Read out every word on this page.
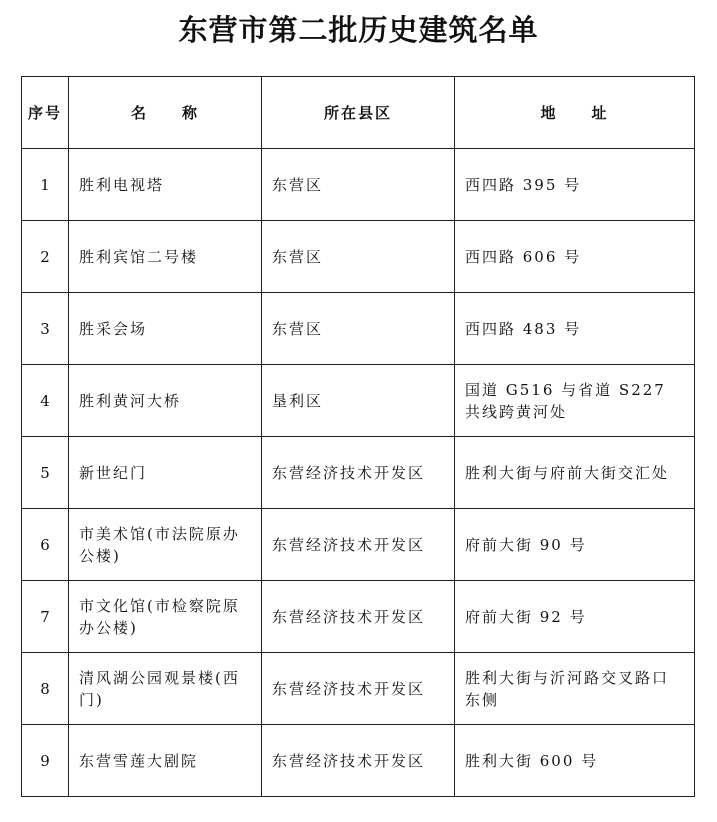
东营市第二批历史建筑名单
序号	名　　称	所在县区	地　　址
1	胜利电视塔	东营区	西四路 395 号
2	胜利宾馆二号楼	东营区	西四路 606 号
3	胜采会场	东营区	西四路 483 号
4	胜利黄河大桥	垦利区	国道 G516 与省道 S227 共线跨黄河处
5	新世纪门	东营经济技术开发区	胜利大街与府前大街交汇处
6	市美术馆(市法院原办公楼)	东营经济技术开发区	府前大街 90 号
7	市文化馆(市检察院原办公楼)	东营经济技术开发区	府前大街 92 号
8	清风湖公园观景楼(西门)	东营经济技术开发区	胜利大街与沂河路交叉路口东侧
9	东营雪莲大剧院	东营经济技术开发区	胜利大街 600 号
